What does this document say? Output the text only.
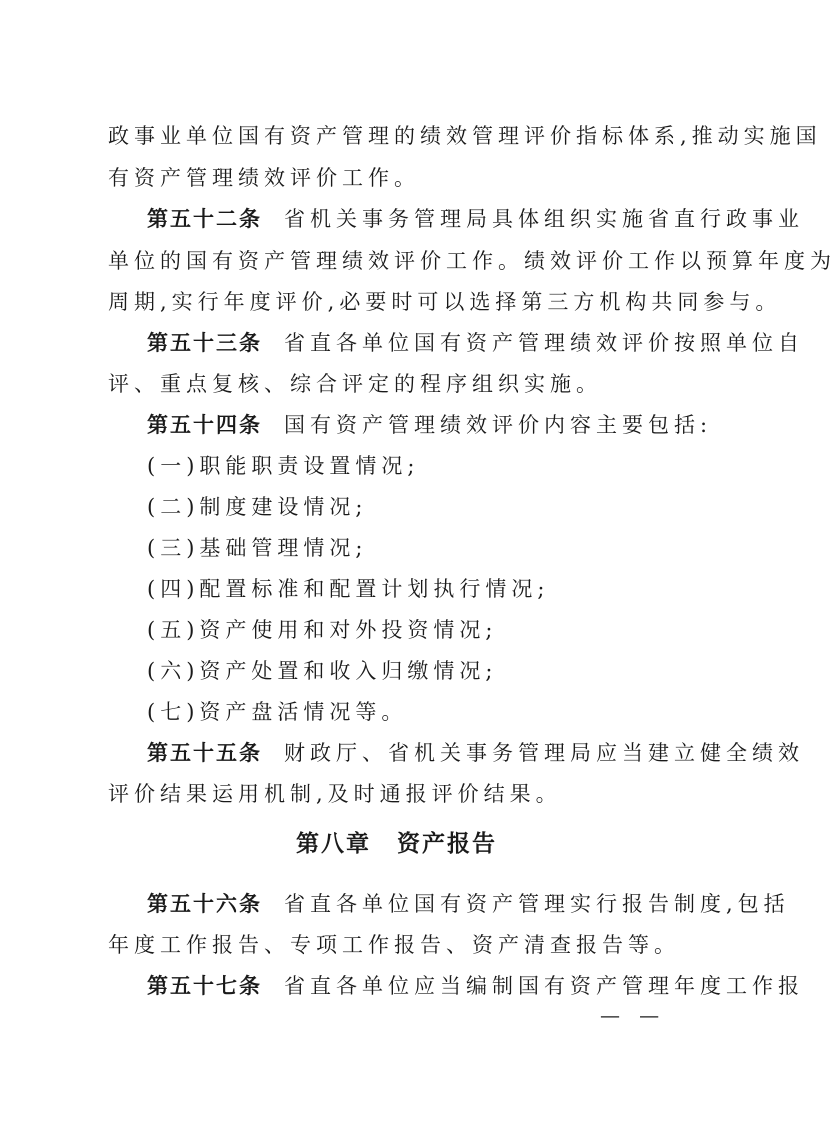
政事业单位国有资产管理的绩效管理评价指标体系,推动实施国
有资产管理绩效评价工作。
第五十二条 省机关事务管理局具体组织实施省直行政事业
单位的国有资产管理绩效评价工作。绩效评价工作以预算年度为
周期,实行年度评价,必要时可以选择第三方机构共同参与。
第五十三条 省直各单位国有资产管理绩效评价按照单位自
评、重点复核、综合评定的程序组织实施。
第五十四条 国有资产管理绩效评价内容主要包括:
(一)职能职责设置情况;
(二)制度建设情况;
(三)基础管理情况;
(四)配置标准和配置计划执行情况;
(五)资产使用和对外投资情况;
(六)资产处置和收入归缴情况;
(七)资产盘活情况等。
第五十五条 财政厅、省机关事务管理局应当建立健全绩效
评价结果运用机制,及时通报评价结果。
第八章 资产报告
第五十六条 省直各单位国有资产管理实行报告制度,包括
年度工作报告、专项工作报告、资产清查报告等。
第五十七条 省直各单位应当编制国有资产管理年度工作报
—   —
